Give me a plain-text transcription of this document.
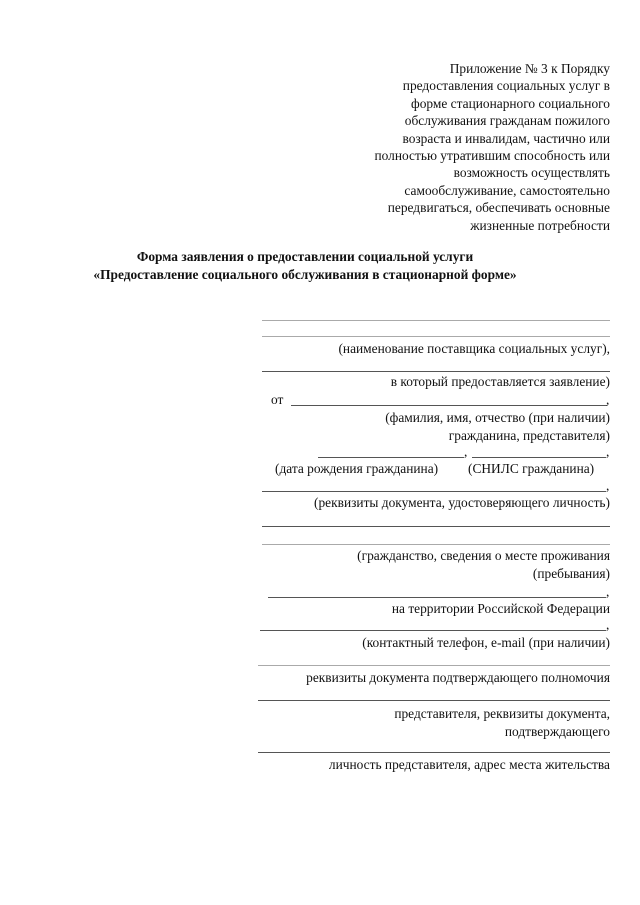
Приложение № 3 к Порядку
предоставления социальных услуг в
форме стационарного социального
обслуживания гражданам пожилого
возраста и инвалидам, частично или
полностью утратившим способность или
возможность осуществлять
самообслуживание, самостоятельно
передвигаться, обеспечивать основные
жизненные потребности
Форма заявления о предоставлении социальной услуги
«Предоставление социального обслуживания в стационарной форме»
(наименование поставщика социальных услуг),
в который предоставляется заявление)
от	,
(фамилия, имя, отчество (при наличии)
гражданина, представителя)
,	,
(дата рождения гражданина) (СНИЛС гражданина)
,
(реквизиты документа, удостоверяющего личность)
(гражданство, сведения о месте проживания
(пребывания)
,
на территории Российской Федерации
,
(контактный телефон, e-mail (при наличии)
реквизиты документа подтверждающего полномочия
представителя, реквизиты документа,
подтверждающего
личность представителя, адрес места жительства
